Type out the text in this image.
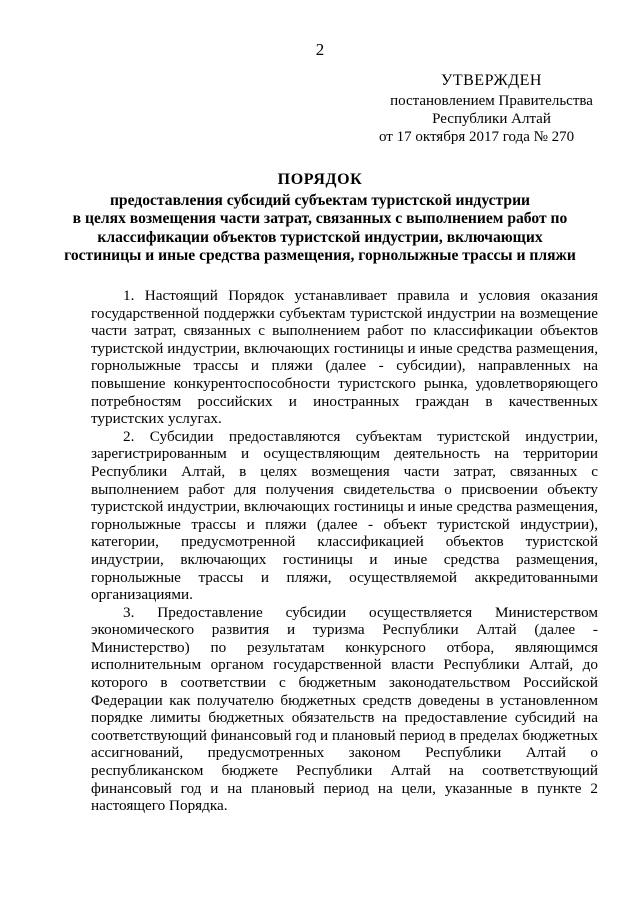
2
УТВЕРЖДЕН
постановлением Правительства
Республики Алтай
от 17 октября 2017 года № 270
ПОРЯДОК
предоставления субсидий субъектам туристской индустрии
в целях возмещения части затрат, связанных с выполнением работ по
классификации объектов туристской индустрии, включающих
гостиницы и иные средства размещения, горнолыжные трассы и пляжи

1. Настоящий Порядок устанавливает правила и условия оказания государственной поддержки субъектам туристской индустрии на возмещение части затрат, связанных с выполнением работ по классификации объектов туристской индустрии, включающих гостиницы и иные средства размещения, горнолыжные трассы и пляжи (далее - субсидии), направленных на повышение конкурентоспособности туристского рынка, удовлетворяющего потребностям российских и иностранных граждан в качественных туристских услугах.

2. Субсидии предоставляются субъектам туристской индустрии, зарегистрированным и осуществляющим деятельность на территории Республики Алтай, в целях возмещения части затрат, связанных с выполнением работ для получения свидетельства о присвоении объекту туристской индустрии, включающих гостиницы и иные средства размещения, горнолыжные трассы и пляжи (далее - объект туристской индустрии), категории, предусмотренной классификацией объектов туристской индустрии, включающих гостиницы и иные средства размещения, горнолыжные трассы и пляжи, осуществляемой аккредитованными организациями.

3. Предоставление субсидии осуществляется Министерством экономического развития и туризма Республики Алтай (далее - Министерство) по результатам конкурсного отбора, являющимся исполнительным органом государственной власти Республики Алтай, до которого в соответствии с бюджетным законодательством Российской Федерации как получателю бюджетных средств доведены в установленном порядке лимиты бюджетных обязательств на предоставление субсидий на соответствующий финансовый год и плановый период в пределах бюджетных ассигнований, предусмотренных законом Республики Алтай о республиканском бюджете Республики Алтай на соответствующий финансовый год и на плановый период на цели, указанные в пункте 2 настоящего Порядка.
